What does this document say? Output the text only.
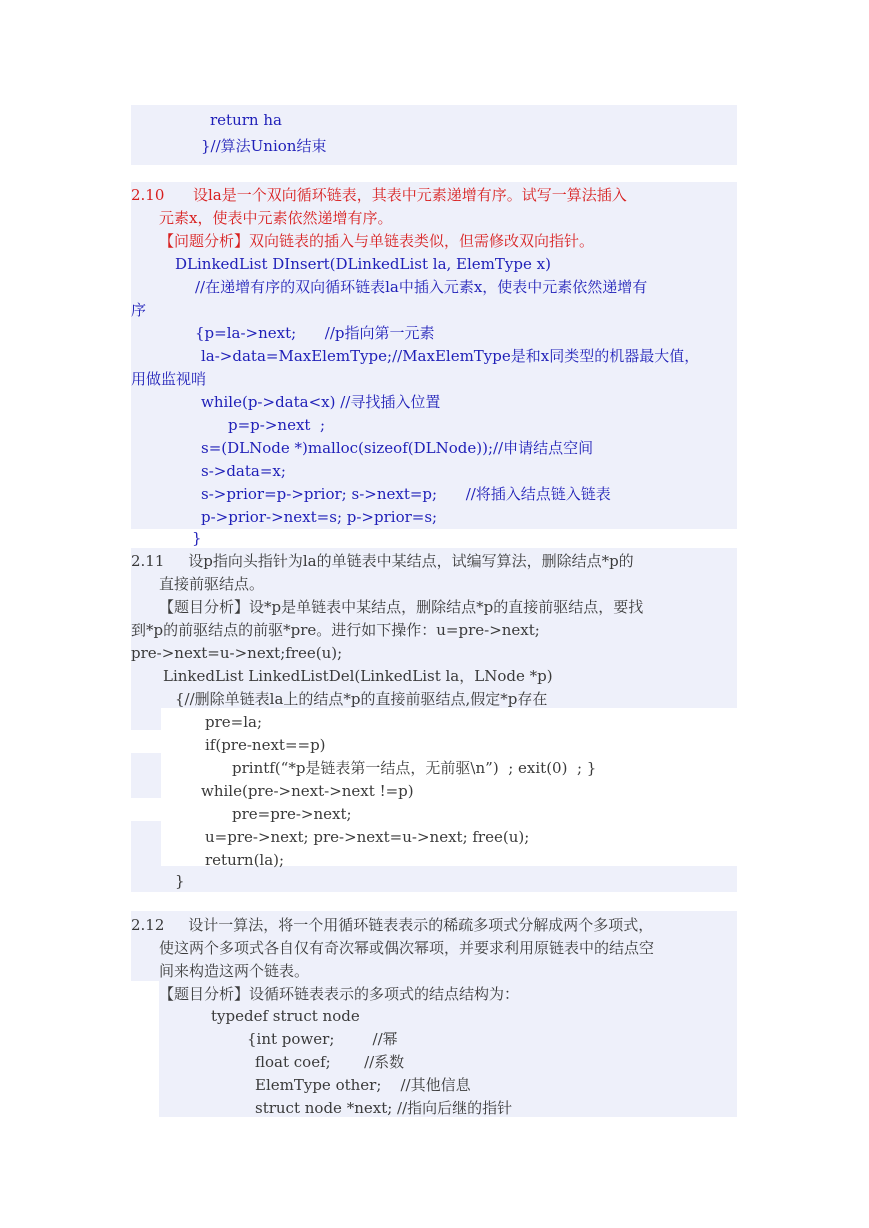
return ha

}//算法Union结束

2.10      设la是一个双向循环链表，其表中元素递增有序。试写一算法插入

元素x，使表中元素依然递增有序。

【问题分析】双向链表的插入与单链表类似，但需修改双向指针。

DLinkedList DInsert(DLinkedList la, ElemType x)

//在递增有序的双向循环链表la中插入元素x，使表中元素依然递增有

序

{p=la->next;      //p指向第一元素

la->data=MaxElemType;//MaxElemType是和x同类型的机器最大值，

用做监视哨

while(p->data<x) //寻找插入位置

p=p->next  ;

s=(DLNode *)malloc(sizeof(DLNode));//申请结点空间

s->data=x;

s->prior=p->prior; s->next=p;      //将插入结点链入链表

p->prior->next=s; p->prior=s;

}

2.11     设p指向头指针为la的单链表中某结点，试编写算法，删除结点*p的

直接前驱结点。

【题目分析】设*p是单链表中某结点，删除结点*p的直接前驱结点，要找

到*p的前驱结点的前驱*pre。进行如下操作：u=pre->next;

pre->next=u->next;free(u);

LinkedList LinkedListDel(LinkedList la，LNode *p)

{//删除单链表la上的结点*p的直接前驱结点,假定*p存在

pre=la;

if(pre-next==p)

printf(“*p是链表第一结点，无前驱\n”)  ; exit(0)  ; }

while(pre->next->next !=p)

pre=pre->next;

u=pre->next; pre->next=u->next; free(u);

return(la);

}

2.12     设计一算法，将一个用循环链表表示的稀疏多项式分解成两个多项式，

使这两个多项式各自仅有奇次幂或偶次幂项，并要求利用原链表中的结点空

间来构造这两个链表。

【题目分析】设循环链表表示的多项式的结点结构为：

typedef struct node

{int power;        //幂

float coef;       //系数

ElemType other;    //其他信息

struct node *next; //指向后继的指针
